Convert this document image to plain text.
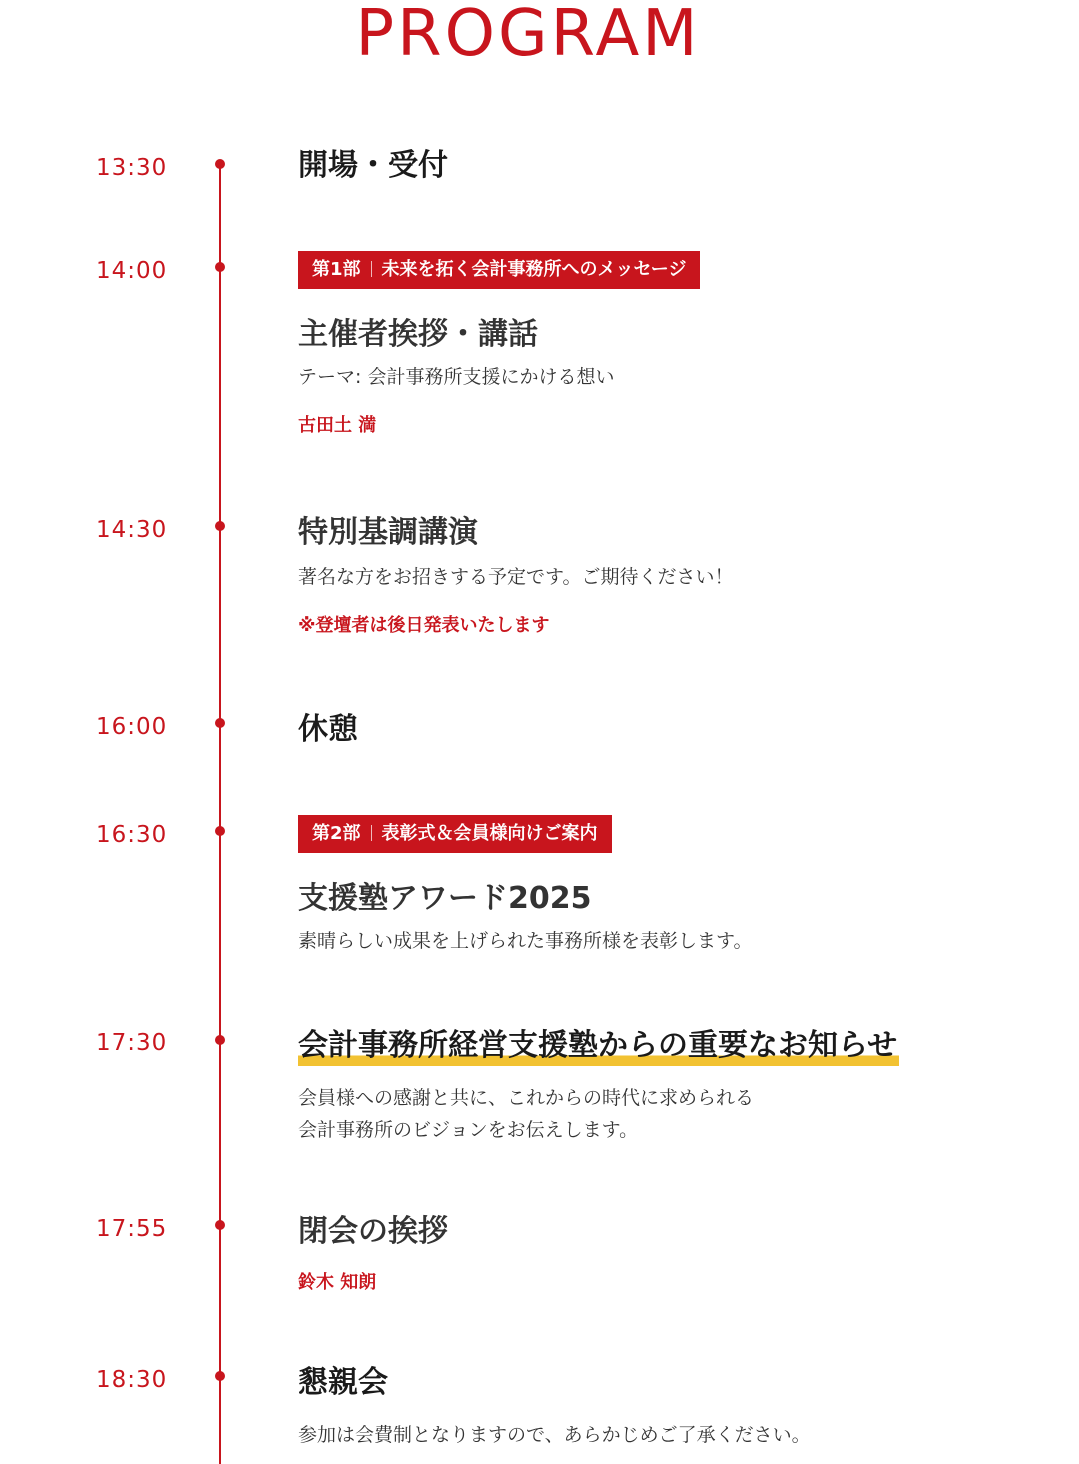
PROGRAM
13:30	開場・受付
14:00	第1部 未来を拓く会計事務所へのメッセージ
主催者挨拶・講話
テーマ: 会計事務所支援にかける想い
古田土 満
14:30	特別基調講演
著名な方をお招きする予定です。ご期待ください！
※登壇者は後日発表いたします
16:00	休憩
16:30	第2部 表彰式＆会員様向けご案内
支援塾アワード2025
素晴らしい成果を上げられた事務所様を表彰します。
17:30	会計事務所経営支援塾からの重要なお知らせ
会員様への感謝と共に、これからの時代に求められる
会計事務所のビジョンをお伝えします。
17:55	閉会の挨拶
鈴木 知朗
18:30	懇親会
参加は会費制となりますので、あらかじめご了承ください。
